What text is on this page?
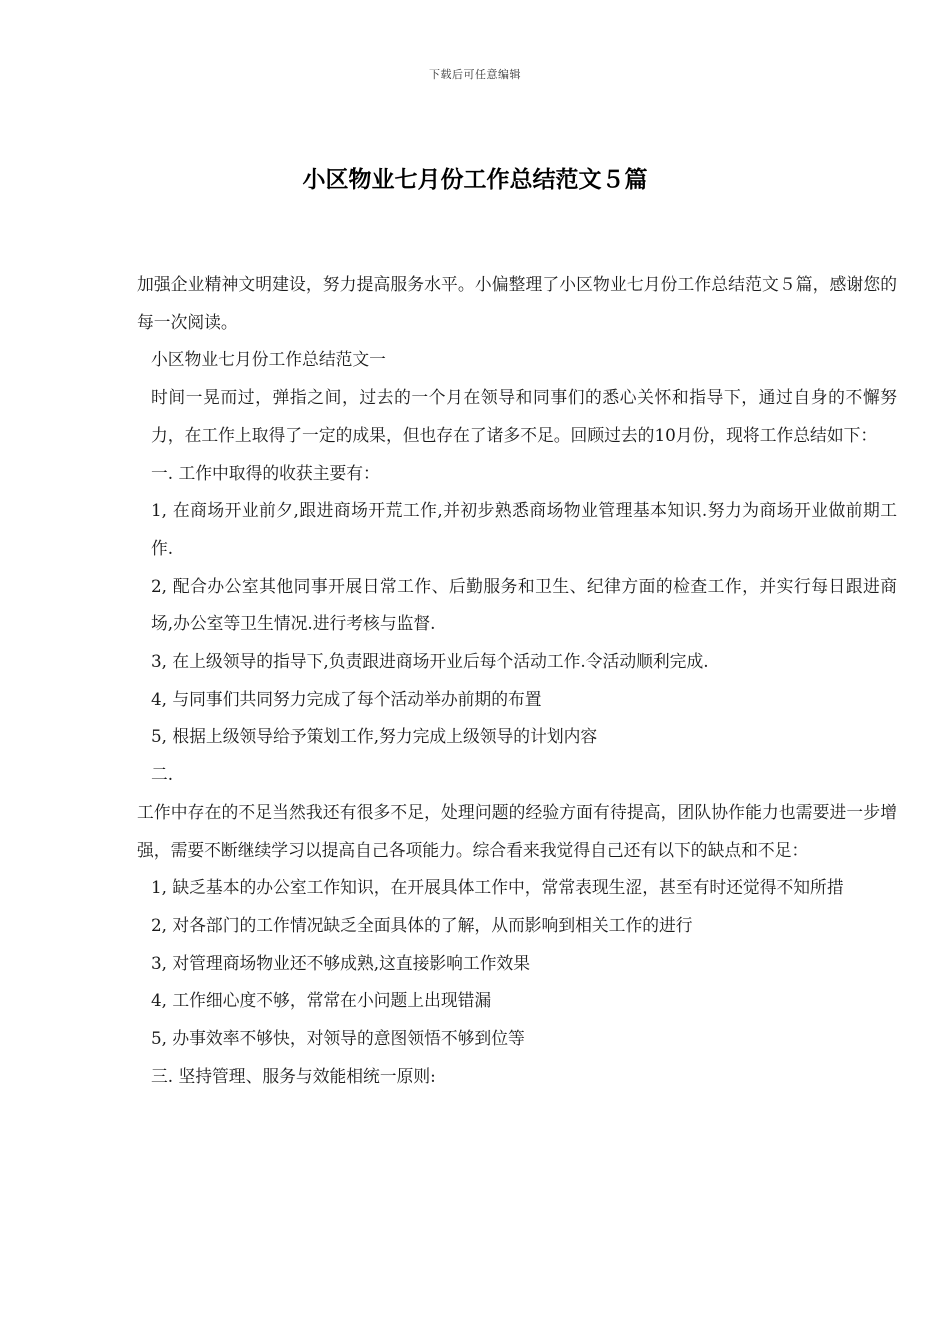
下载后可任意编辑
小区物业七月份工作总结范文５篇

加强企业精神文明建设，努力提高服务水平。小偏整理了小区物业七月份工作总结范文５篇，感谢您的每一次阅读。

小区物业七月份工作总结范文一

时间一晃而过，弹指之间，过去的一个月在领导和同事们的悉心关怀和指导下，通过自身的不懈努力，在工作上取得了一定的成果，但也存在了诸多不足。回顾过去的10月份，现将工作总结如下：

一. 工作中取得的收获主要有：

1, 在商场开业前夕,跟进商场开荒工作,并初步熟悉商场物业管理基本知识.努力为商场开业做前期工作.

2, 配合办公室其他同事开展日常工作、后勤服务和卫生、纪律方面的检查工作，并实行每日跟进商场,办公室等卫生情况.进行考核与监督.

3, 在上级领导的指导下,负责跟进商场开业后每个活动工作.令活动顺利完成.

4, 与同事们共同努力完成了每个活动举办前期的布置

5, 根据上级领导给予策划工作,努力完成上级领导的计划内容

二.

工作中存在的不足当然我还有很多不足，处理问题的经验方面有待提高，团队协作能力也需要进一步增强，需要不断继续学习以提高自己各项能力。综合看来我觉得自己还有以下的缺点和不足：

1, 缺乏基本的办公室工作知识，在开展具体工作中，常常表现生涩，甚至有时还觉得不知所措

2, 对各部门的工作情况缺乏全面具体的了解，从而影响到相关工作的进行

3, 对管理商场物业还不够成熟,这直接影响工作效果

4, 工作细心度不够，常常在小问题上出现错漏

5, 办事效率不够快，对领导的意图领悟不够到位等

三. 坚持管理、服务与效能相统一原则:
